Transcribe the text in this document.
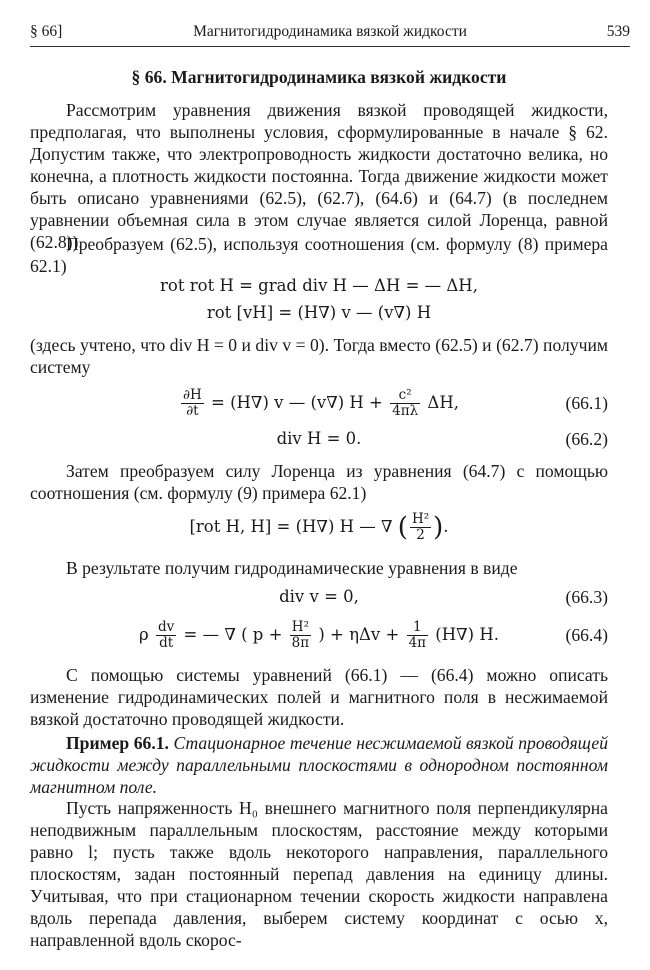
§ 66]	Магнитогидродинамика вязкой жидкости	539
§ 66. Магнитогидродинамика вязкой жидкости

Рассмотрим уравнения движения вязкой проводящей жидкости, предполагая, что выполнены условия, сформулированные в начале § 62. Допустим также, что электропроводность жидкости достаточно велика, но конечна, а плотность жидкости постоянна. Тогда движение жидкости может быть описано уравнениями (62.5), (62.7), (64.6) и (64.7) (в последнем уравнении объемная сила в этом случае является силой Лоренца, равной (62.8)).

Преобразуем (62.5), используя соотношения (см. формулу (8) примера 62.1)

rot rot H = grad div H — ΔH = — ΔH,
rot [vH] = (H∇) v — (v∇) H

(здесь учтено, что div H = 0 и div v = 0). Тогда вместо (62.5) и (62.7) получим систему

$\frac{\partial H}{\partial t} = (H\nabla)$ v — (v∇) $H + \frac{\text{c²}}{4\pi\lambda} \Delta H$,	(66.1)
div H = 0.	(66.2)

Затем преобразуем силу Лоренца из уравнения (64.7) с помощью соотношения (см. формулу (9) примера 62.1)

[rot H, H] = (H∇) H — ∇ ( $\frac{\text{H²}}{2}$ ).

В результате получим гидродинамические уравнения в виде

div v = 0,	(66.3)
ρ $\frac{dv}{dt}$ = — ∇ ( $p + \frac{\text{H²}}{8\pi}$ ) + $\eta\Delta v + \frac{1}{4\pi} (H\nabla)$ H.	(66.4)

С помощью системы уравнений (66.1) — (66.4) можно описать изменение гидродинамических полей и магнитного поля в несжимаемой вязкой достаточно проводящей жидкости.

Пример 66.1. Стационарное течение несжимаемой вязкой проводящей жидкости между параллельными плоскостями в однородном постоянном магнитном поле.

Пусть напряженность H₀ внешнего магнитного поля перпендикулярна неподвижным параллельным плоскостям, расстояние между которыми равно l; пусть также вдоль некоторого направления, параллельного плоскостям, задан постоянный перепад давления на единицу длины. Учитывая, что при стационарном течении скорость жидкости направлена вдоль перепада давления, выберем систему координат с осью x, направленной вдоль скорос-
